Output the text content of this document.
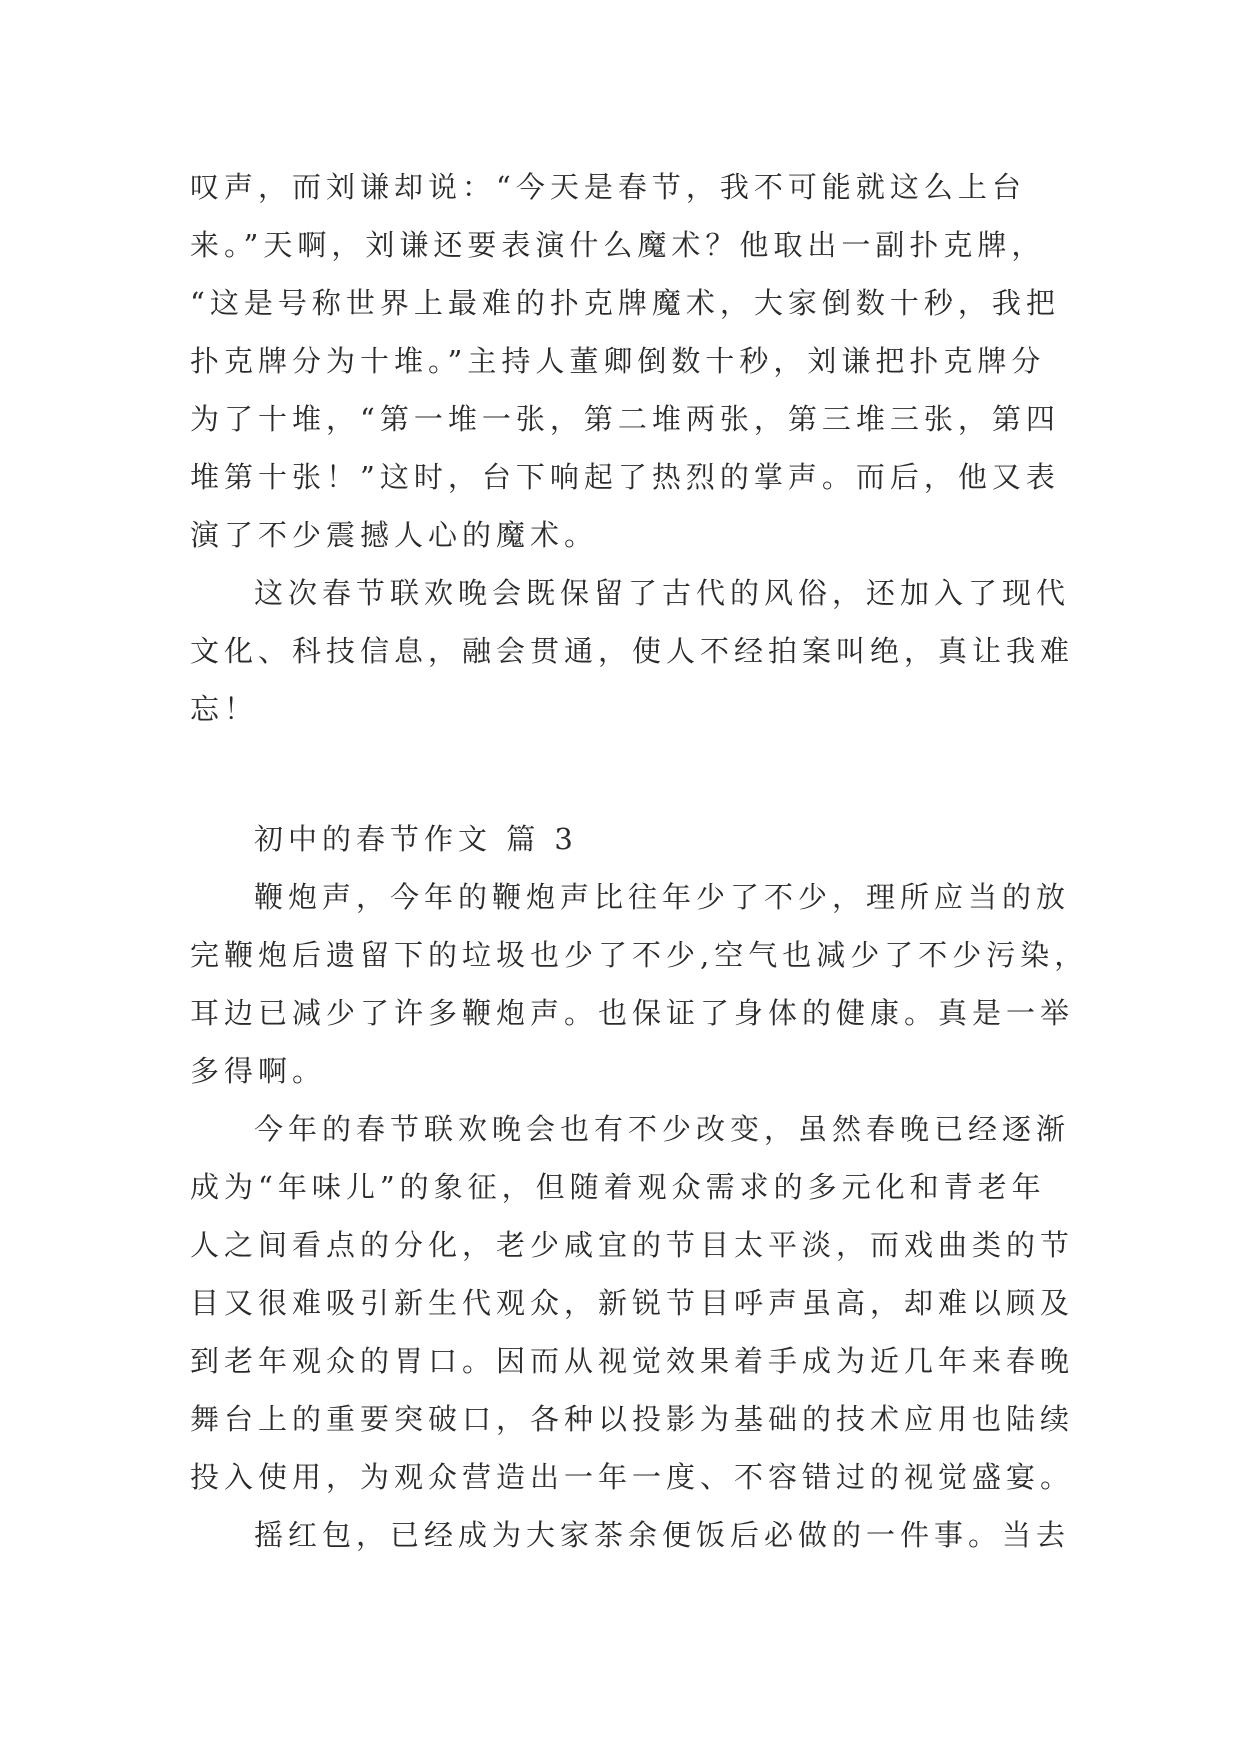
叹声，而刘谦却说：“今天是春节，我不可能就这么上台
来。”天啊，刘谦还要表演什么魔术？他取出一副扑克牌，
“这是号称世界上最难的扑克牌魔术，大家倒数十秒，我把
扑克牌分为十堆。”主持人董卿倒数十秒，刘谦把扑克牌分
为了十堆，“第一堆一张，第二堆两张，第三堆三张，第四
堆第十张！”这时，台下响起了热烈的掌声。而后，他又表
演了不少震撼人心的魔术。
这次春节联欢晚会既保留了古代的风俗，还加入了现代
文化、科技信息，融会贯通，使人不经拍案叫绝，真让我难
忘！
初中的春节作文 篇 3
鞭炮声，今年的鞭炮声比往年少了不少，理所应当的放
完鞭炮后遗留下的垃圾也少了不少,空气也减少了不少污染，
耳边已减少了许多鞭炮声。也保证了身体的健康。真是一举
多得啊。
今年的春节联欢晚会也有不少改变，虽然春晚已经逐渐
成为“年味儿”的象征，但随着观众需求的多元化和青老年
人之间看点的分化，老少咸宜的节目太平淡，而戏曲类的节
目又很难吸引新生代观众，新锐节目呼声虽高，却难以顾及
到老年观众的胃口。因而从视觉效果着手成为近几年来春晚
舞台上的重要突破口，各种以投影为基础的技术应用也陆续
投入使用，为观众营造出一年一度、不容错过的视觉盛宴。
摇红包，已经成为大家茶余便饭后必做的一件事。当去
